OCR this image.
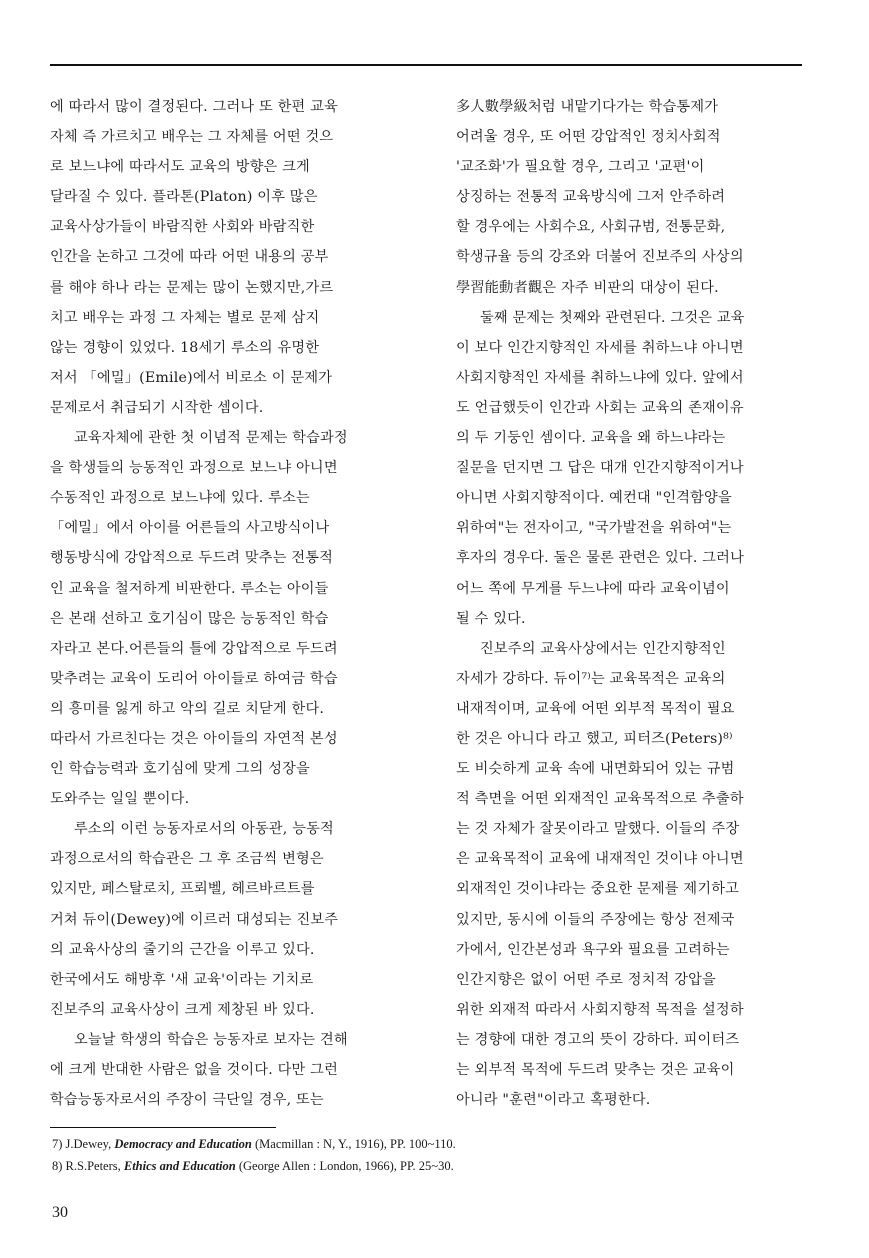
에 따라서 많이 결정된다. 그러나 또 한편 교육
자체 즉 가르치고 배우는 그 자체를 어떤 것으
로 보느냐에 따라서도 교육의 방향은 크게
달라질 수 있다. 플라톤(Platon) 이후 많은
교육사상가들이 바람직한 사회와 바람직한
인간을 논하고 그것에 따라 어떤 내용의 공부
를 해야 하나 라는 문제는 많이 논했지만,가르
치고 배우는 과정 그 자체는 별로 문제 삼지
않는 경향이 있었다. 18세기 루소의 유명한
저서 「에밀」(Emile)에서 비로소 이 문제가
문제로서 취급되기 시작한 셈이다.
교육자체에 관한 첫 이념적 문제는 학습과정
을 학생들의 능동적인 과정으로 보느냐 아니면
수동적인 과정으로 보느냐에 있다. 루소는
「에밀」에서 아이를 어른들의 사고방식이나
행동방식에 강압적으로 두드려 맞추는 전통적
인 교육을 철저하게 비판한다. 루소는 아이들
은 본래 선하고 호기심이 많은 능동적인 학습
자라고 본다.어른들의 틀에 강압적으로 두드려
맞추려는 교육이 도리어 아이들로 하여금 학습
의 흥미를 잃게 하고 악의 길로 치닫게 한다.
따라서 가르친다는 것은 아이들의 자연적 본성
인 학습능력과 호기심에 맞게 그의 성장을
도와주는 일일 뿐이다.
루소의 이런 능동자로서의 아동관, 능동적
과정으로서의 학습관은 그 후 조금씩 변형은
있지만, 페스탈로치, 프뢰벨, 헤르바르트를
거쳐 듀이(Dewey)에 이르러 대성되는 진보주
의 교육사상의 줄기의 근간을 이루고 있다.
한국에서도 해방후 '새 교육'이라는 기치로
진보주의 교육사상이 크게 제창된 바 있다.
오늘날 학생의 학습은 능동자로 보자는 견해
에 크게 반대한 사람은 없을 것이다. 다만 그런
학습능동자로서의 주장이 극단일 경우, 또는
多人數學級처럼 내맡기다가는 학습통제가
어려울 경우, 또 어떤 강압적인 정치사회적
'교조화'가 필요할 경우, 그리고 '교편'이
상징하는 전통적 교육방식에 그저 안주하려
할 경우에는 사회수요, 사회규범, 전통문화,
학생규율 등의 강조와 더불어 진보주의 사상의
學習能動者觀은 자주 비판의 대상이 된다.
둘째 문제는 첫째와 관련된다. 그것은 교육
이 보다 인간지향적인 자세를 취하느냐 아니면
사회지향적인 자세를 취하느냐에 있다. 앞에서
도 언급했듯이 인간과 사회는 교육의 존재이유
의 두 기둥인 셈이다. 교육을 왜 하느냐라는
질문을 던지면 그 답은 대개 인간지향적이거나
아니면 사회지향적이다. 예컨대 "인격함양을
위하여"는 전자이고, "국가발전을 위하여"는
후자의 경우다. 둘은 물론 관련은 있다. 그러나
어느 쪽에 무게를 두느냐에 따라 교육이념이
될 수 있다.
진보주의 교육사상에서는 인간지향적인
자세가 강하다. 듀이⁷⁾는 교육목적은 교육의
내재적이며, 교육에 어떤 외부적 목적이 필요
한 것은 아니다 라고 했고, 피터즈(Peters)⁸⁾
도 비슷하게 교육 속에 내면화되어 있는 규범
적 측면을 어떤 외재적인 교육목적으로 추출하
는 것 자체가 잘못이라고 말했다. 이들의 주장
은 교육목적이 교육에 내재적인 것이냐 아니면
외재적인 것이냐라는 중요한 문제를 제기하고
있지만, 동시에 이들의 주장에는 항상 전제국
가에서, 인간본성과 욕구와 필요를 고려하는
인간지향은 없이 어떤 주로 정치적 강압을
위한 외재적 따라서 사회지향적 목적을 설정하
는 경향에 대한 경고의 뜻이 강하다. 피이터즈
는 외부적 목적에 두드려 맞추는 것은 교육이
아니라 "훈련"이라고 혹평한다.
7) J.Dewey, Democracy and Education (Macmillan : N, Y., 1916), PP. 100~110.
8) R.S.Peters, Ethics and Education (George Allen : London, 1966), PP. 25~30.
30
